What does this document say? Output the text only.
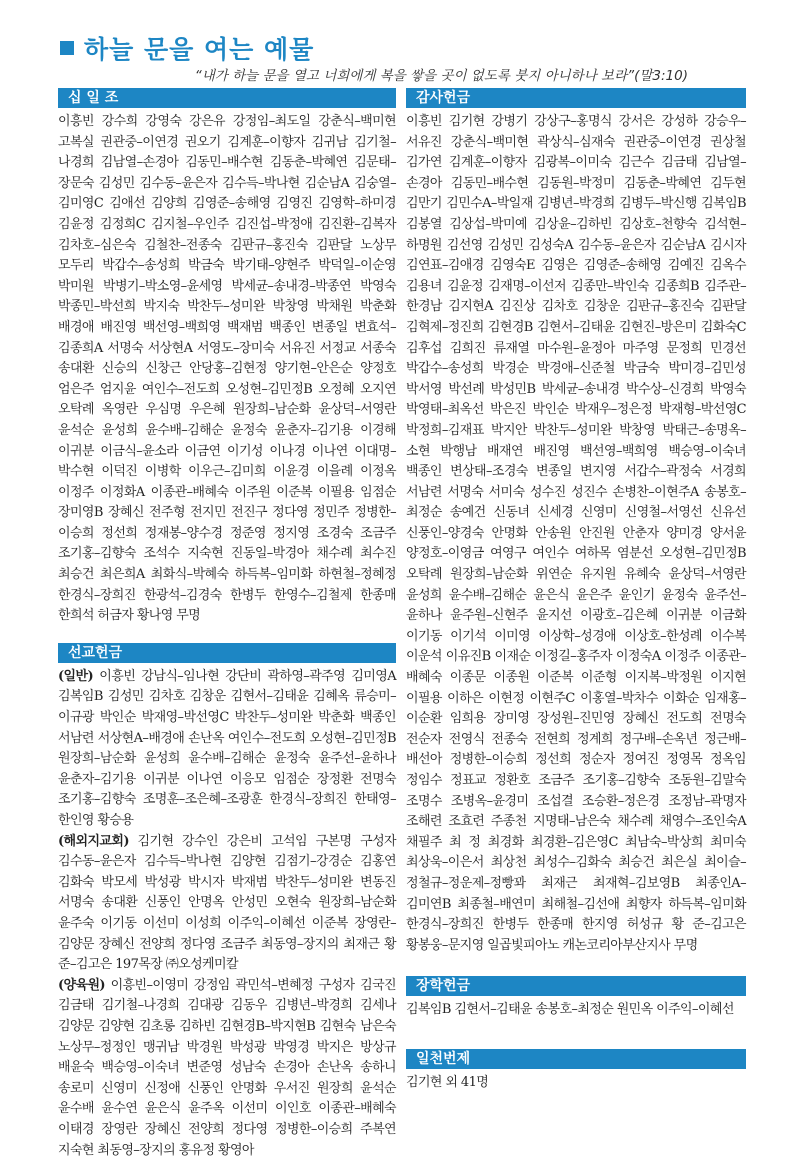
하늘 문을 여는 예물
“내가 하늘 문을 열고 너희에게 복을 쌓을 곳이 없도록 붓지 아니하나 보라”(말3:10)
십 일 조
이흥빈 강수희 강영숙 강은유 강정임–최도일 강춘식–백미현 고복실 권관중–이연경 권오기 김계훈–이향자 김귀남 김기철–나경희 김남열–손경아 김동민–배수현 김동춘–박혜연 김문태–장문숙 김성민 김수동–윤은자 김수득–박나현 김순남A 김숭열–김미영C 김애선 김양희 김영준–송해영 김영진 김영학–하미경 김윤정 김정희C 김지철–우인주 김진섭–박정애 김진환–김복자 김차호–심은숙 김철찬–전종숙 김판규–홍진숙 김판달 노상무 모두리 박갑수–송성희 박금숙 박기태–양현주 박덕일–이순영 박미원 박병기–박소영–윤세영 박세균–송내경–박종연 박영숙 박종민–박선희 박지숙 박찬두–성미완 박창영 박채원 박춘화 배경애 배진영 백선영–백희영 백재범 백종인 변종일 변효석–김종희A 서명숙 서상현A 서영도–장미숙 서유진 서정교 서종숙 송대환 신승의 신창근 안당홍–김현정 양기현–안은순 양정호 엄은주 엄지윤 여인수–전도희 오성현–김민정B 오정혜 오지연 오탁례 옥영란 우심명 우은혜 원장희–남순화 윤상덕–서영란 윤석순 윤성희 윤수배–김해순 윤정숙 윤춘자–김기용 이경해 이귀분 이금식–윤소라 이금연 이기성 이나경 이나연 이대명–박수현 이덕진 이병학 이우근–김미희 이윤경 이을례 이정옥 이정주 이정화A 이종관–배혜숙 이주원 이준복 이필용 임점순 장미영B 장혜신 전주형 전지민 전진구 정다영 정민주 정병한–이승희 정선희 정재봉–양수경 정준영 정지영 조경숙 조금주 조기홍–김향숙 조석수 지숙현 진동일–박경아 채수례 최수진 최승건 최은희A 최화식–박혜숙 하득복–임미화 하현철–정혜정 한경식–장희진 한광석–김경숙 한병두 한영수–김철제 한종매 한희석 허금자 황나영 무명
선교헌금

(일반) 이흥빈 강남식–임나현 강단비 곽하영–곽주영 김미영A 김복임B 김성민 김차호 김창운 김현서–김태윤 김혜옥 류승미–이규광 박인순 박재영–박선영C 박찬두–성미완 박춘화 백종인 서남련 서상현A–배경애 손난옥 여인수–전도희 오성현–김민정B 원장희–남순화 윤성희 윤수배–김해순 윤정숙 윤주선–윤하나 윤춘자–김기용 이귀분 이나연 이응모 임점순 장정환 전명숙 조기홍–김향숙 조명훈–조은혜–조광훈 한경식–장희진 한태영–한인영 황승용

(해외지교회) 김기현 강수인 강은비 고석임 구본명 구성자 김수동–윤은자 김수득–박나현 김양현 김점기–강경순 김홍연 김화숙 박모세 박성광 박시자 박재범 박찬두–성미완 변동진 서명숙 송대환 신풍인 안명옥 안성민 오현숙 원장희–남순화 윤주숙 이기동 이선미 이성희 이주익–이혜선 이준복 장영란–김양문 장혜신 전양희 정다영 조금주 최동영–장지의 최재근 황 준–김고은 197목장 ㈜오성케미칼

(양육원) 이흥빈–이영미 강정임 곽민석–변혜정 구성자 김국진 김금태 김기철–나경희 김대광 김동우 김병년–박경희 김세나 김양문 김양현 김초롱 김하빈 김현경B–박지현B 김현숙 남은숙 노상무–정정인 맹귀남 박경원 박성광 박영경 박지은 방상규 배윤숙 백승영–이숙녀 변준영 성남숙 손경아 손난옥 송하니 송로미 신영미 신정애 신풍인 안명화 우서진 원장희 윤석순 윤수배 윤수연 윤은식 윤주옥 이선미 이인호 이종관–배혜숙 이태경 장영란 장혜신 전양희 정다영 정병한–이승희 주복연 지숙현 최동영–장지의 홍유정 황영아

감사헌금
이흥빈 김기현 강병기 강상구–홍명식 강서은 강성하 강승우–서유진 강춘식–백미현 곽상식–심재숙 권관중–이연경 권상철 김가연 김계훈–이향자 김광복–이미숙 김근수 김금태 김남열–손경아 김동민–배수현 김동원–박정미 김동춘–박혜연 김두현 김만기 김민수A–박일재 김병년–박경희 김병두–박신행 김복임B 김봉열 김상섭–박미예 김상윤–김하빈 김상호–천향숙 김석현–하명원 김선영 김성민 김성숙A 김수동–윤은자 김순남A 김시자 김연표–김애경 김영숙E 김영은 김영준–송해영 김예진 김옥수 김용녀 김윤정 김재명–이선저 김종만–박인숙 김종희B 김주관–한경남 김지현A 김진상 김차호 김창운 김판규–홍진숙 김판달 김혁제–정진희 김현경B 김현서–김태윤 김현진–방은미 김화숙C 김후섭 김희진 류재열 마수원–윤정아 마주영 문정희 민경선 박갑수–송성희 박경순 박경애–신준철 박금숙 박미경–김민성 박서영 박선례 박성민B 박세균–송내경 박수상–신경희 박영숙 박영태–최옥선 박은진 박인순 박재우–정은정 박재형–박선영C 박정희–김재표 박지안 박찬두–성미완 박창영 박태근–송명옥–소현 박행남 배재연 배진영 백선영–백희영 백승영–이숙녀 백종인 변상태–조경숙 변종일 변지영 서갑수–곽정숙 서경희 서남련 서명숙 서미숙 성수진 성진수 손병찬–이현주A 송봉호–최정순 송예건 신동녀 신세경 신영미 신영철–서영선 신유선 신풍인–양경숙 안명화 안송원 안진원 안춘자 양미경 양서윤 양정호–이영금 여영구 여인수 여하목 염분선 오성현–김민정B 오탁례 원장희–남순화 위연순 유지원 유혜숙 윤상덕–서영란 윤성희 윤수배–김해순 윤은식 윤은주 윤인기 윤정숙 윤주선–윤하나 윤주원–신현주 윤지선 이광호–김은혜 이귀분 이금화 이기동 이기석 이미영 이상학–성경애 이상호–한성례 이수복 이운석 이유진B 이재순 이정길–홍주자 이정숙A 이정주 이종관–배혜숙 이종문 이종원 이준복 이준형 이지복–박정원 이지현 이필용 이하은 이현정 이현주C 이홍열–박차수 이화순 임재홍–이순환 임희용 장미영 장성원–진민영 장혜신 전도희 전명숙 전순자 전영식 전종숙 전현희 정계희 정구배–손옥년 정근배–배선아 정병한–이승희 정선희 정순자 정여진 정영목 정옥임 정임수 정표교 정환호 조금주 조기홍–김향숙 조동원–김말숙 조명수 조병옥–윤경미 조섭결 조승환–정은경 조정남–곽명자 조해련 조효련 주종천 지명태–남은숙 채수례 채영수–조인숙A 채필주 최 정 최경화 최경환–김은영C 최남숙–박상희 최미숙 최상욱–이은서 최상천 최성수–김화숙 최승건 최은실 최이슬–정철규–정운제–정빵꽈 최재근 최재혁–김보영B 최종인A–김미연B 최종철–배연미 최해철–김선애 최향자 하득복–임미화 한경식–장희진 한병두 한종매 한지영 허성규 황 준–김고은 황봉웅–문지영 일곱빛피아노 캐논코리아부산지사 무명
장학헌금
김복임B 김현서–김태윤 송봉호–최정순 원민옥 이주익–이혜선
일천번제
김기현 외 41명
